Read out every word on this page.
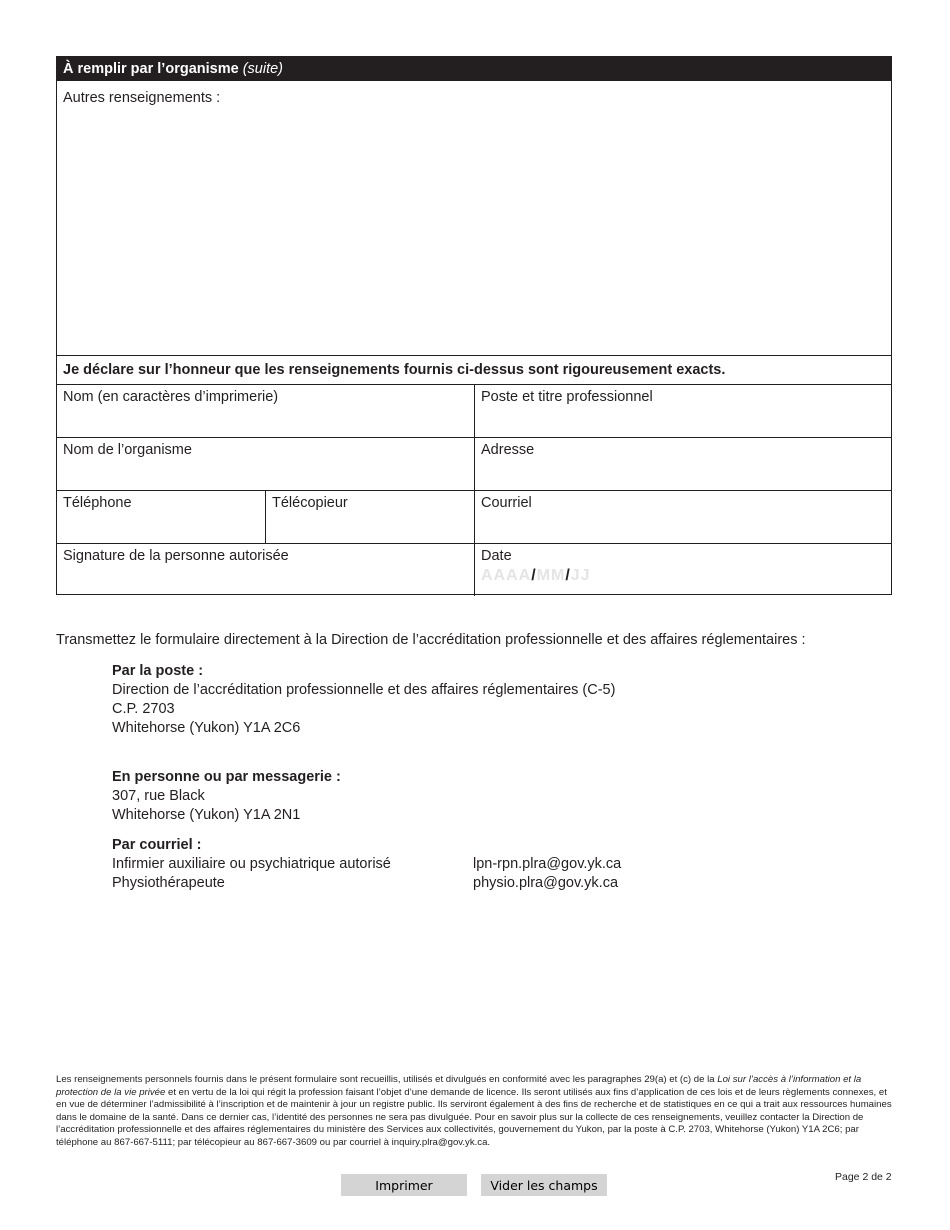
À remplir par l’organisme (suite)
Autres renseignements :
Je déclare sur l’honneur que les renseignements fournis ci-dessus sont rigoureusement exacts.
Nom (en caractères d’imprimerie)	Poste et titre professionnel
Nom de l’organisme	Adresse
Téléphone	Télécopieur	Courriel
Signature de la personne autorisée	Date
AAAA/MM/JJ
Transmettez le formulaire directement à la Direction de l’accréditation professionnelle et des affaires réglementaires :
Par la poste :
Direction de l’accréditation professionnelle et des affaires réglementaires (C-5)
C.P. 2703
Whitehorse (Yukon) Y1A 2C6
En personne ou par messagerie :
307, rue Black
Whitehorse (Yukon) Y1A 2N1
Par courriel :
Infirmier auxiliaire ou psychiatrique autorisé	lpn-rpn.plra@gov.yk.ca
Physiothérapeute	physio.plra@gov.yk.ca
Les renseignements personnels fournis dans le présent formulaire sont recueillis, utilisés et divulgués en conformité avec les paragraphes 29(a) et (c) de la Loi sur l’accès à l’information et la protection de la vie privée et en vertu de la loi qui régit la profession faisant l’objet d’une demande de licence. Ils seront utilisés aux fins d’application de ces lois et de leurs règlements connexes, et en vue de déterminer l’admissibilité à l’inscription et de maintenir à jour un registre public. Ils serviront également à des fins de recherche et de statistiques en ce qui a trait aux ressources humaines dans le domaine de la santé. Dans ce dernier cas, l’identité des personnes ne sera pas divulguée. Pour en savoir plus sur la collecte de ces renseignements, veuillez contacter la Direction de l’accréditation professionnelle et des affaires réglementaires du ministère des Services aux collectivités, gouvernement du Yukon, par la poste à C.P. 2703, Whitehorse (Yukon) Y1A 2C6; par téléphone au 867-667-5111; par télécopieur au 867-667-3609 ou par courriel à inquiry.plra@gov.yk.ca.
Page 2 de 2
Imprimer	Vider les champs
